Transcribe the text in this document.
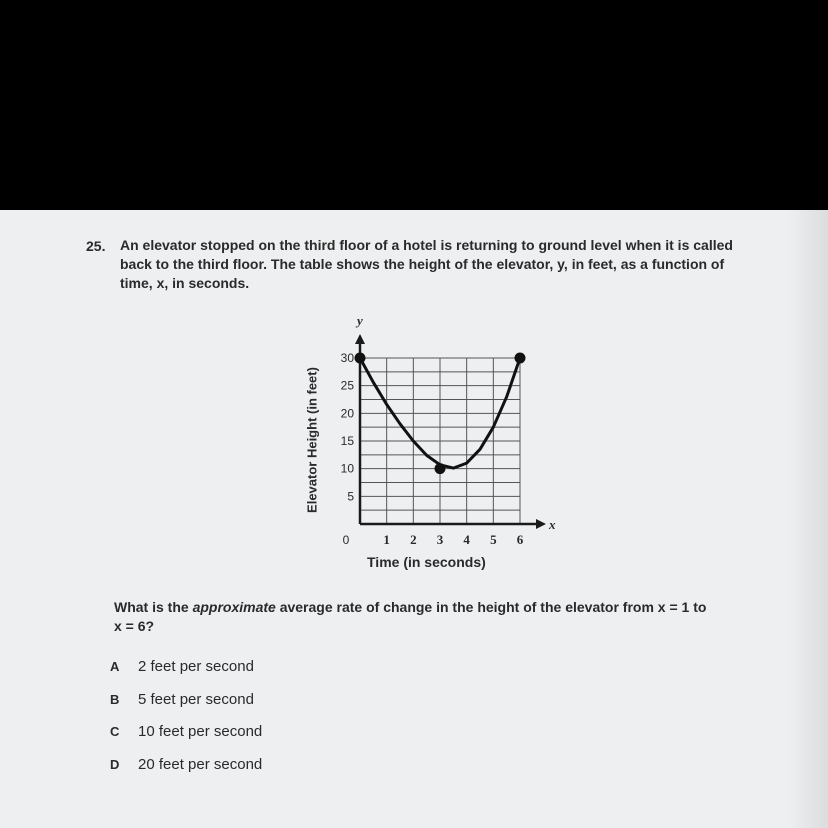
25. An elevator stopped on the third floor of a hotel is returning to ground level when it is called
back to the third floor. The table shows the height of the elevator, y, in feet, as a function of
time, x, in seconds.
Elevator Height (in feet)
x
y
5
10
15
20
25
30
1 2 3 4 5 6
0
Time (in seconds)
What is the approximate average rate of change in the height of the elevator from x = 1 to
x = 6?
A	2 feet per second
B	5 feet per second
C	10 feet per second
D	20 feet per second
